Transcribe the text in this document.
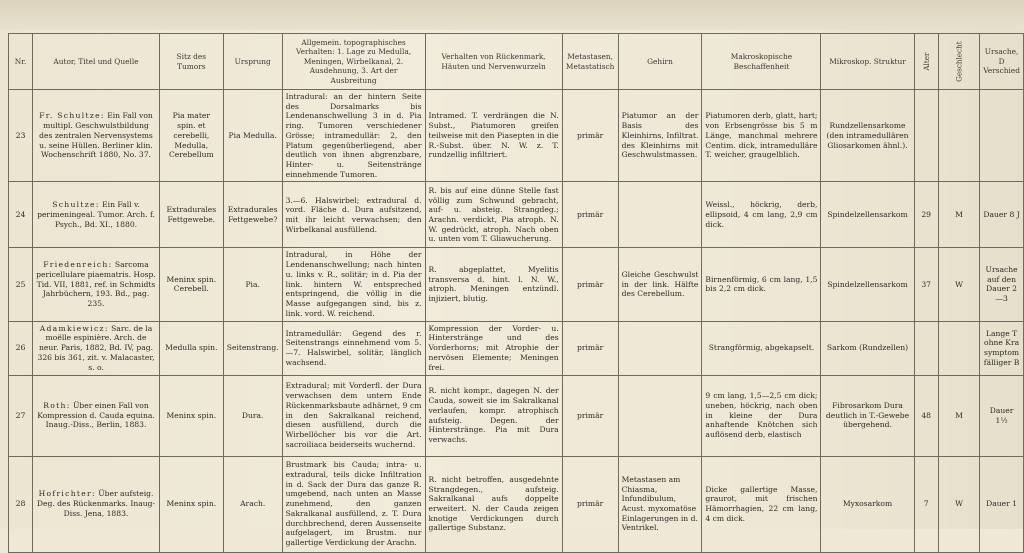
Nr.	Autor, Titel und Quelle	Sitz des Tumors	Ursprung	Allgemein. topographisches Verhalten: 1. Lage zu Medulla, Meningen, Wirbelkanal, 2. Ausdehnung, 3. Art der Ausbreitung	Verhalten von Rückenmark, Häuten und Nervenwurzeln	Metastasen, Metastatisch	Gehirn	Makroskopische Beschaffenheit	Mikroskop. Struktur	Alter	Geschlecht	Ursache, D Verschied
23	Fr. Schultze: Ein Fall von multipl. Geschwulstbildung des zentralen Nervensystems u. seine Hüllen. Berliner klin. Wochenschrift 1880, No. 37.	Pia mater spin. et cerebelli, Medulla, Cerebellum	Pia Medulla.	Intradural: an der hintern Seite des Dorsalmarks bis Lendenanschwellung 3 in d. Pia ring. Tumoren verschiedener Grösse; intramedullär: 2, den Platum gegenüberliegend, aber deutlich von ihnen abgrenzbare, Hinter- u. Seitenstränge einnehmende Tumoren.	Intramed. T. verdrängen die N. Subst., Piatumoren greifen teilweise mit den Piasepten in die R.-Subst. über. N. W. z. T. rundzellig infiltriert.	primär	Piatumor an der Basis des Kleinhirns, Infiltrat. des Kleinhirns mit Geschwulstmassen.	Piatumoren derb, glatt, hart; von Erbsengrösse bis 5 m Länge, manchmal mehrere Centim. dick, intramedulläre T. weicher, graugelblich.	Rundzellensarkome (den intramedullären Gliosarkomen ähnl.).			
24	Schultze: Ein Fall v. perimeningeal. Tumor. Arch. f. Psych., Bd. XI., 1880.	Extradurales Fettgewebe.	Extradurales Fettgewebe?	3.—6. Halswirbel; extradural d. vord. Fläche d. Dura aufsitzend, mit ihr leicht verwachsen; den Wirbelkanal ausfüllend.	R. bis auf eine dünne Stelle fast völlig zum Schwund gebracht, auf- u. absteig. Strangdeg.; Arachn. verdickt, Pia atroph. N. W. gedrückt, atroph. Nach oben u. unten vom T. Gliawucherung.	primär		Weissl., höckrig, derb, ellipsoid, 4 cm lang, 2,9 cm dick.	Spindelzellensarkom	29	M	Dauer 8 J
25	Friedenreich: Sarcoma pericellulare piaematris. Hosp. Tid. VII, 1881, ref. in Schmidts Jahrbüchern, 193. Bd., pag. 235.	Meninx spin. Cerebell.	Pia.	Intradural, in Höhe der Lendenanschwellung; nach hinten u. links v. R., solitär; in d. Pia der link. hintern W. entspreched entspringend, die völlig in die Masse aufgegangen sind, bis z. link. vord. W. reichend.	R. abgeplattet, Myelitis transversa d. hint. l. N. W., atroph. Meningen entzündl. injiziert, blutig.	primär	Gleiche Geschwulst in der link. Hälfte des Cerebellum.	Birnenförmig, 6 cm lang, 1,5 bis 2,2 cm dick.	Spindelzellensarkom	37	W	Ursache auf den Dauer 2—3
26	Adamkiewicz: Sarc. de la moëlle espinière. Arch. de neur. Paris, 1882, Bd. IV, pag. 326 bis 361, zit. v. Malacaster, s. o.	Medulla spin.	Seitenstrang.	Intramedullär: Gegend des r. Seitenstrangs einnehmend vom 5.—7. Halswirbel, solitär, länglich wachsend.	Kompression der Vorder- u. Hinterstränge und des Vorderhorns; mit Atrophie der nervösen Elemente; Meningen frei.	primär		Strangförmig, abgekapselt.	Sarkom (Rundzellen)			Lange T ohne Kra symptom fälliger B
27	Roth: Über einen Fall von Kompression d. Cauda equina. Inaug.-Diss., Berlin, 1883.	Meninx spin.	Dura.	Extradural; mit Vorderfl. der Dura verwachsen dem untern Ende Rückenmarksbaute adhärnet, 9 cm in den Sakralkanal reichend, diesen ausfüllend, durch die Wirbellöcher bis vor die Art. sacroiliaca beiderseits wuchernd.	R. nicht kompr., dagegen N. der Cauda, soweit sie im Sakralkanal verlaufen, kompr. atrophisch aufsteig. Degen. der Hinterstränge. Pia mit Dura verwachs.	primär		9 cm lang, 1,5—2,5 cm dick; uneben, höckrig, nach oben in kleine der Dura anhaftende Knötchen sich auflösend derb, elastisch	Fibrosarkom Dura deutlich in T.-Gewebe übergehend.	48	M	Dauer 1½
28	Hofrichter: Über aufsteig. Deg. des Rückenmarks. Inaug-Diss. Jena, 1883.	Meninx spin.	Arach.	Brustmark bis Cauda; intra- u. extradural, teils dicke Infiltration in d. Sack der Dura das ganze R. umgebend, nach unten an Masse zunehmend, den ganzen Sakralkanal ausfüllend, z. T. Dura durchbrechend, deren Aussenseite aufgelagert, im Brustm. nur gallertige Verdickung der Arachn.	R. nicht betroffen, ausgedehnte Strangdegen., aufsteig. Sakralkanal aufs doppelte erweitert. N. der Cauda zeigen knotige Verdickungen durch gallertige Substanz.	primär	Metastasen am Chiasma, Infundibulum, Acust. myxomatöse Einlagerungen in d. Ventrikel.	Dicke gallertige Masse, graurot, mit frischen Hämorrhagien, 22 cm lang, 4 cm dick.	Myxosarkom	7	W	Dauer 1
